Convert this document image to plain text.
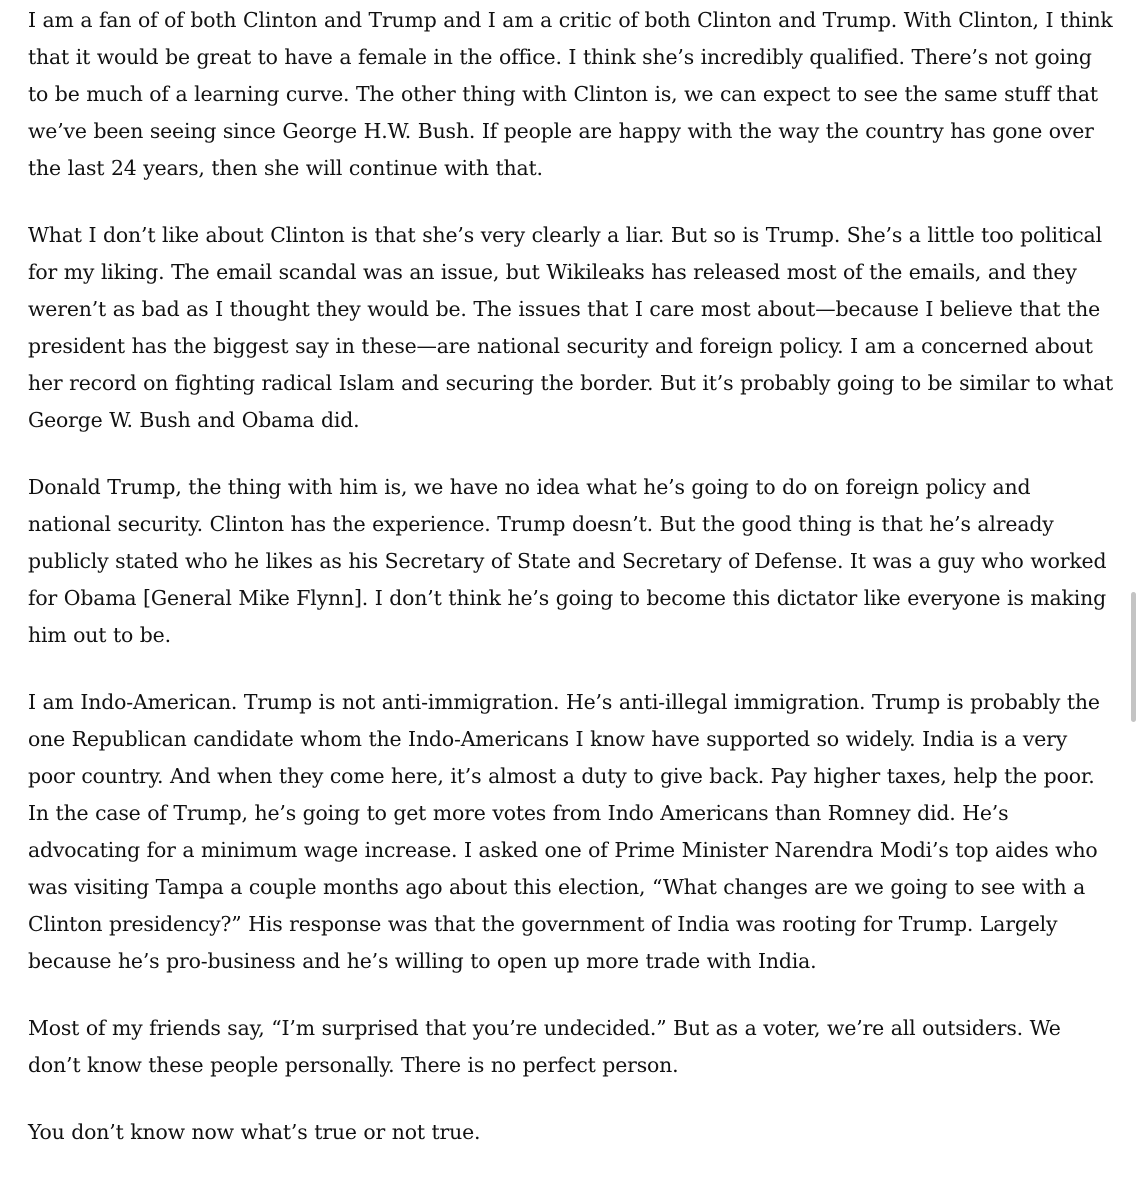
I am a fan of of both Clinton and Trump and I am a critic of both Clinton and Trump. With Clinton, I think that it would be great to have a female in the office. I think she’s incredibly qualified. There’s not going to be much of a learning curve. The other thing with Clinton is, we can expect to see the same stuff that we’ve been seeing since George H.W. Bush. If people are happy with the way the country has gone over the last 24 years, then she will continue with that.

What I don’t like about Clinton is that she’s very clearly a liar. But so is Trump. She’s a little too political for my liking. The email scandal was an issue, but Wikileaks has released most of the emails, and they weren’t as bad as I thought they would be. The issues that I care most about—because I believe that the president has the biggest say in these—are national security and foreign policy. I am a concerned about her record on fighting radical Islam and securing the border. But it’s probably going to be similar to what George W. Bush and Obama did.

Donald Trump, the thing with him is, we have no idea what he’s going to do on foreign policy and national security. Clinton has the experience. Trump doesn’t. But the good thing is that he’s already publicly stated who he likes as his Secretary of State and Secretary of Defense. It was a guy who worked for Obama [General Mike Flynn]. I don’t think he’s going to become this dictator like everyone is making him out to be.

I am Indo-American. Trump is not anti-immigration. He’s anti-illegal immigration. Trump is probably the one Republican candidate whom the Indo-Americans I know have supported so widely. India is a very poor country. And when they come here, it’s almost a duty to give back. Pay higher taxes, help the poor. In the case of Trump, he’s going to get more votes from Indo Americans than Romney did. He’s advocating for a minimum wage increase. I asked one of Prime Minister Narendra Modi’s top aides who was visiting Tampa a couple months ago about this election, “What changes are we going to see with a Clinton presidency?” His response was that the government of India was rooting for Trump. Largely because he’s pro-business and he’s willing to open up more trade with India.

Most of my friends say, “I’m surprised that you’re undecided.” But as a voter, we’re all outsiders. We don’t know these people personally. There is no perfect person.

You don’t know now what’s true or not true.
